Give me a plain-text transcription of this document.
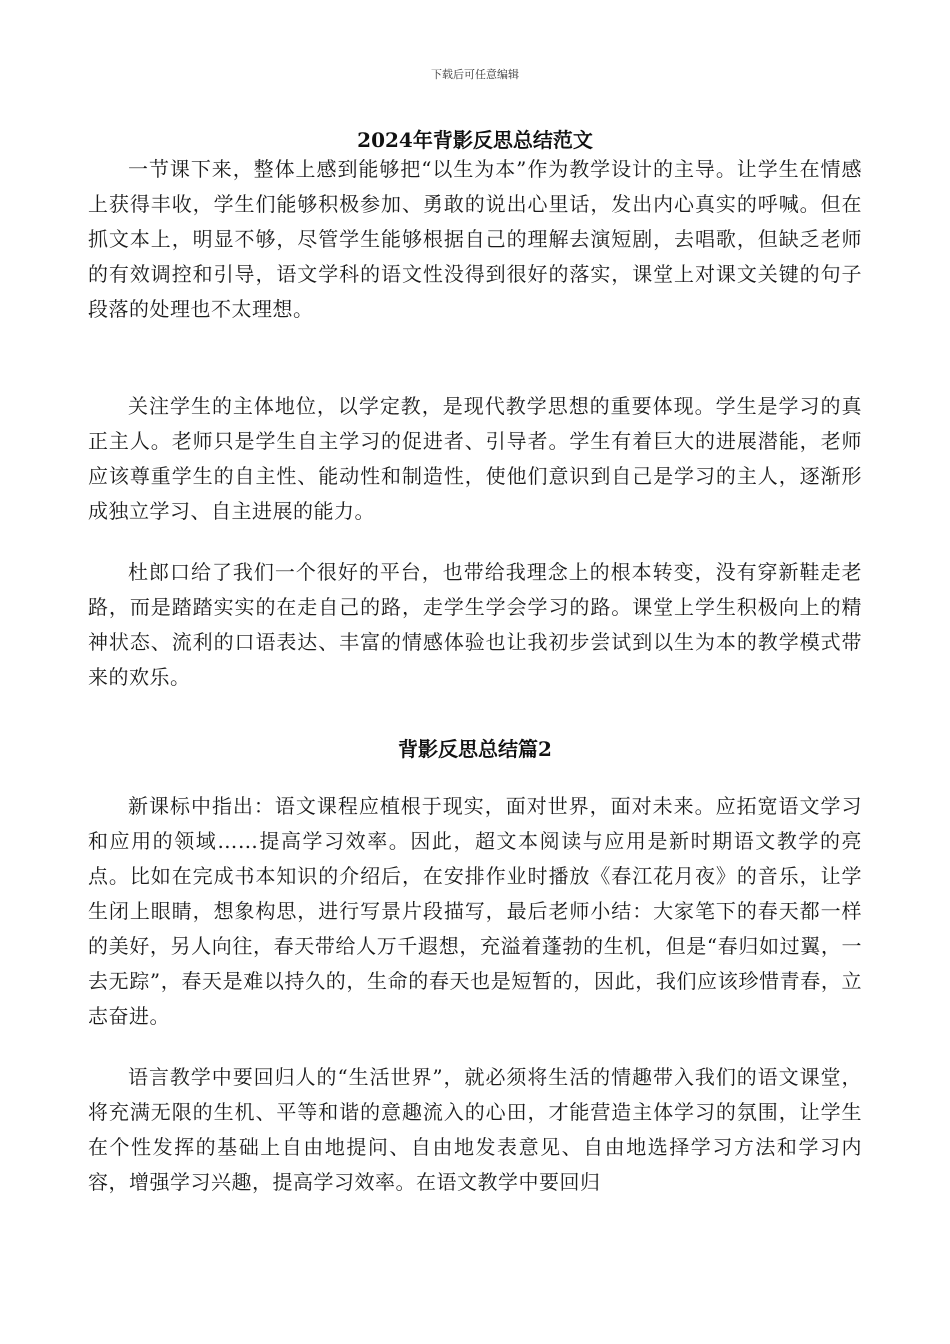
下载后可任意编辑
2024年背影反思总结范文

一节课下来，整体上感到能够把“以生为本”作为教学设计的主导。让学生在情感上获得丰收，学生们能够积极参加、勇敢的说出心里话，发出内心真实的呼喊。但在抓文本上，明显不够，尽管学生能够根据自己的理解去演短剧，去唱歌，但缺乏老师的有效调控和引导，语文学科的语文性没得到很好的落实，课堂上对课文关键的句子段落的处理也不太理想。

关注学生的主体地位，以学定教，是现代教学思想的重要体现。学生是学习的真正主人。老师只是学生自主学习的促进者、引导者。学生有着巨大的进展潜能，老师应该尊重学生的自主性、能动性和制造性，使他们意识到自己是学习的主人，逐渐形成独立学习、自主进展的能力。

杜郎口给了我们一个很好的平台，也带给我理念上的根本转变，没有穿新鞋走老路，而是踏踏实实的在走自己的路，走学生学会学习的路。课堂上学生积极向上的精神状态、流利的口语表达、丰富的情感体验也让我初步尝试到以生为本的教学模式带来的欢乐。

背影反思总结篇2

新课标中指出：语文课程应植根于现实，面对世界，面对未来。应拓宽语文学习和应用的领域……提高学习效率。因此，超文本阅读与应用是新时期语文教学的亮点。比如在完成书本知识的介绍后，在安排作业时播放《春江花月夜》的音乐，让学生闭上眼睛，想象构思，进行写景片段描写，最后老师小结：大家笔下的春天都一样的美好，另人向往，春天带给人万千遐想，充溢着蓬勃的生机，但是“春归如过翼，一去无踪”，春天是难以持久的，生命的春天也是短暂的，因此，我们应该珍惜青春，立志奋进。

语言教学中要回归人的“生活世界”，就必须将生活的情趣带入我们的语文课堂，将充满无限的生机、平等和谐的意趣流入的心田，才能营造主体学习的氛围，让学生在个性发挥的基础上自由地提问、自由地发表意见、自由地选择学习方法和学习内容，增强学习兴趣，提高学习效率。在语文教学中要回归
